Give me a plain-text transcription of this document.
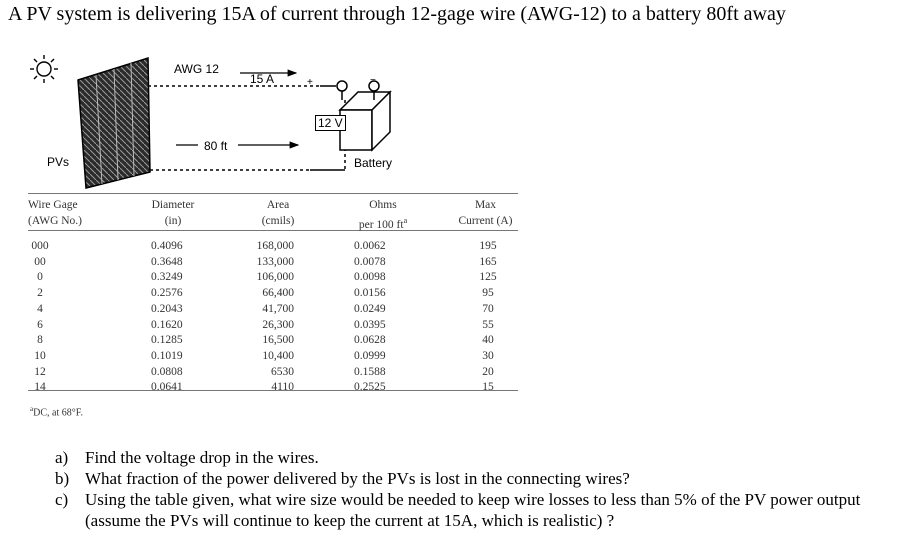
A PV system is delivering 15A of current through 12-gage wire (AWG-12) to a battery 80ft away
AWG 12
15 A
80 ft
12 V
PVs	Battery
+	−
Wire Gage
(AWG No.)
Diameter
(in)
Area
(cmils)
Ohms
per 100 $ft^a$
Max
Current (A)
000
00
0
2
4
6
8
10
12
14
0.4096
0.3648
0.3249
0.2576
0.2043
0.1620
0.1285
0.1019
0.0808
0.0641
168,000
133,000
106,000
66,400
41,700
26,300
16,500
10,400
6530
4110
0.0062
0.0078
0.0098
0.0156
0.0249
0.0395
0.0628
0.0999
0.1588
0.2525
195
165
125
95
70
55
40
30
20
15
$^a$DC, at 68°F.
a) Find the voltage drop in the wires.
b) What fraction of the power delivered by the PVs is lost in the connecting wires?
c) Using the table given, what wire size would be needed to keep wire losses to less than 5% of the PV power output (assume the PVs will continue to keep the current at 15A, which is realistic) ?
